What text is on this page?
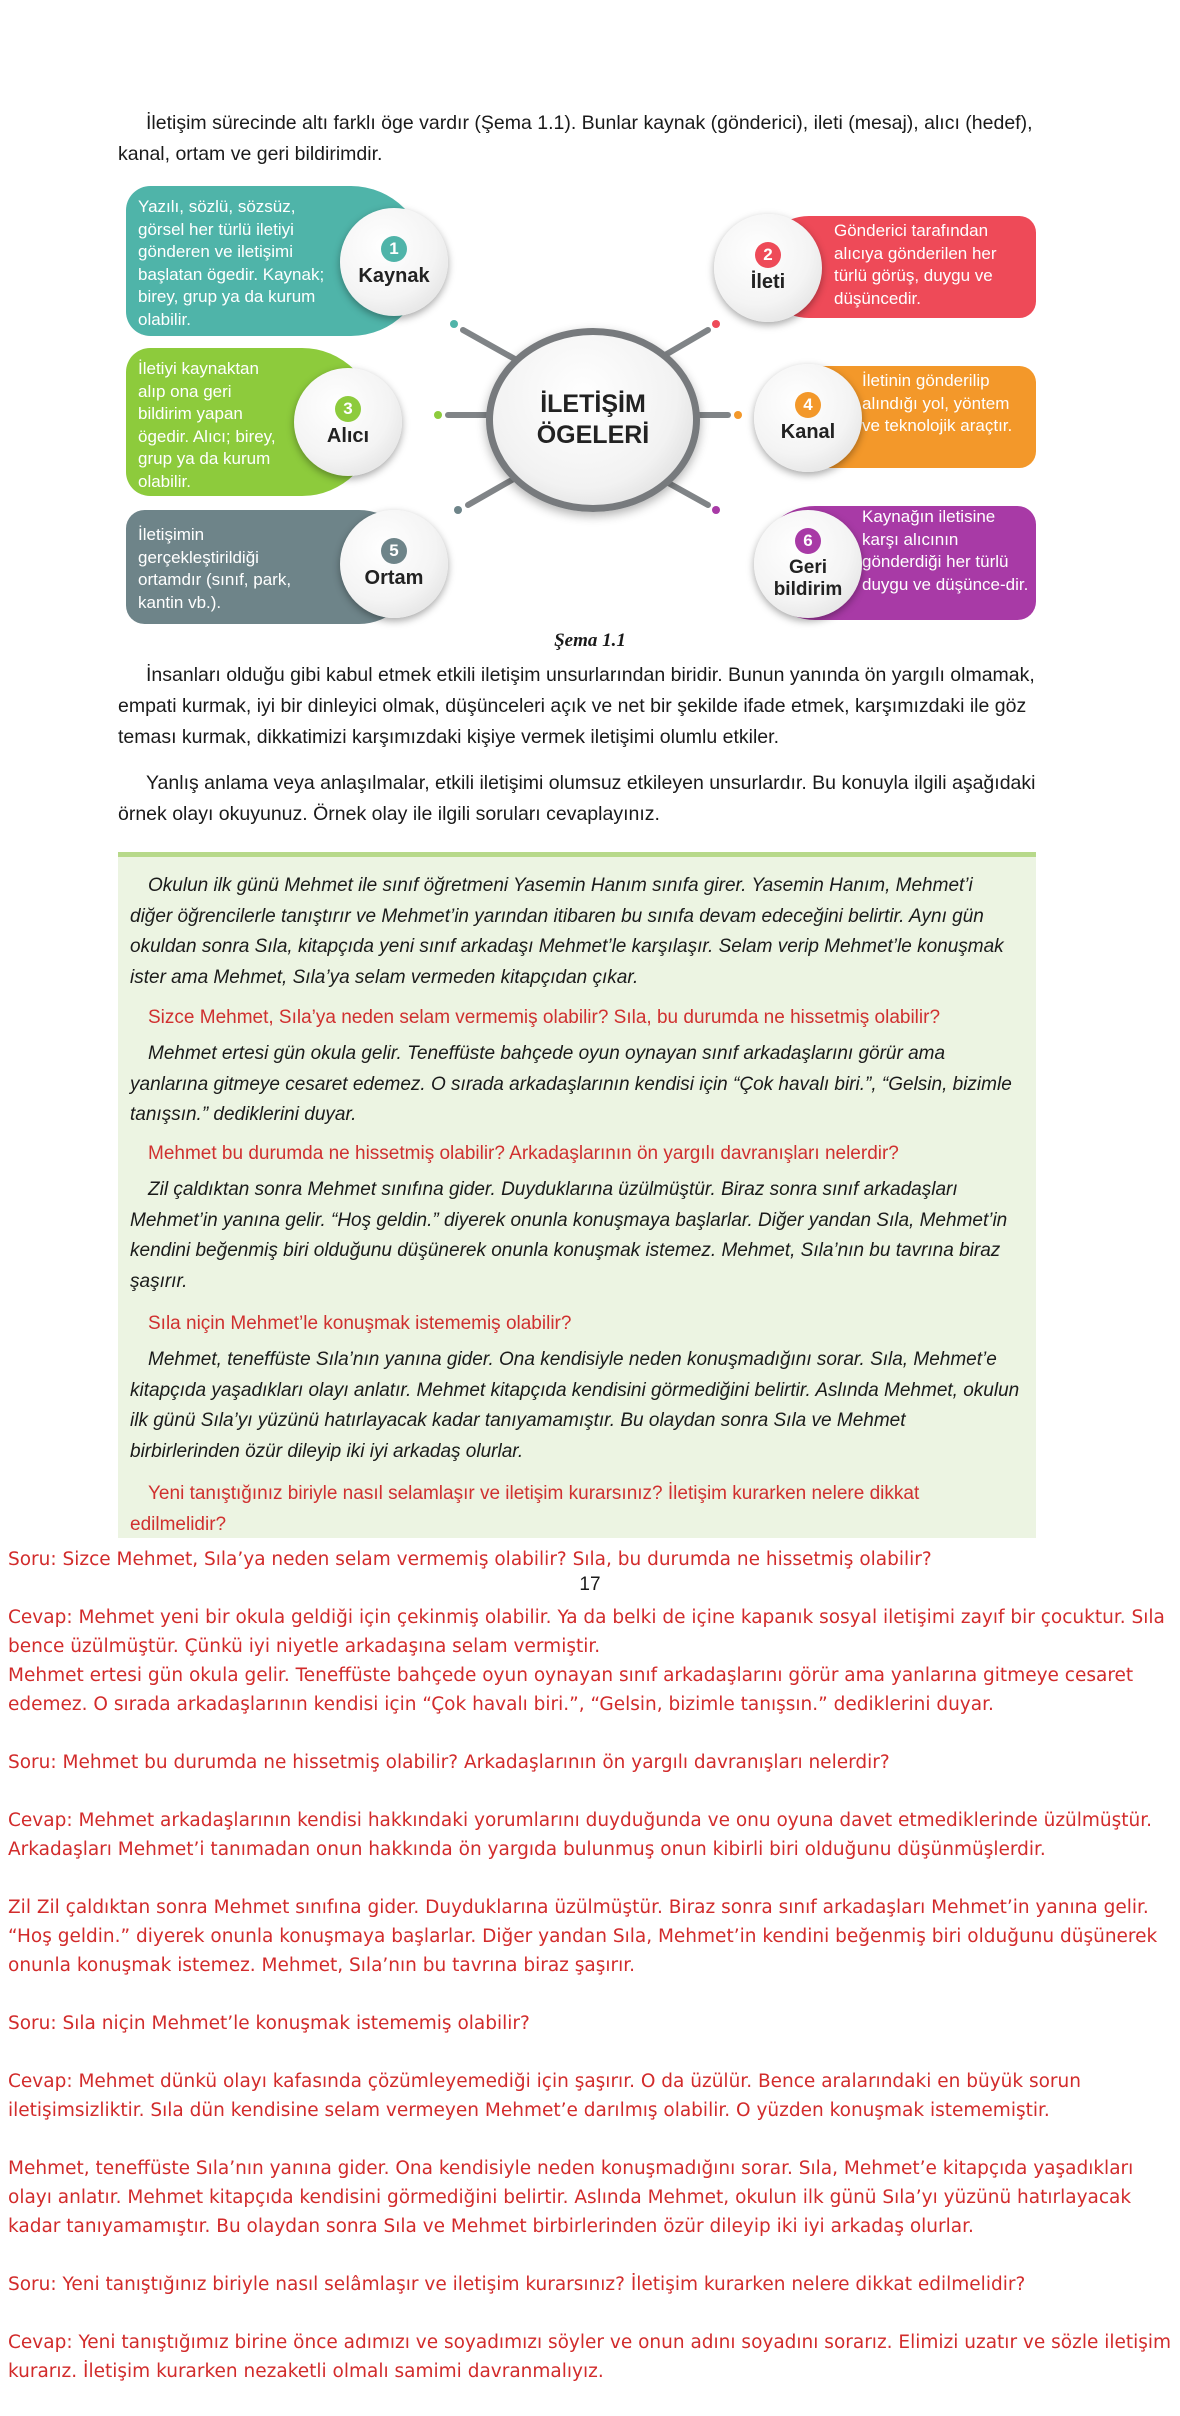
İletişim sürecinde altı farklı öge vardır (Şema 1.1). Bunlar kaynak (gönderici), ileti (mesaj), alıcı (hedef), kanal, ortam ve geri bildirimdir.

Yazılı, sözlü, sözsüz, görsel her türlü iletiyi gönderen ve iletişimi başlatan ögedir. Kaynak; birey, grup ya da kurum olabilir.
1
Kaynak
İletiyi kaynaktan alıp ona geri bildirim yapan ögedir. Alıcı; birey, grup ya da kurum olabilir.
3
Alıcı
İletişimin gerçekleştirildiği ortamdır (sınıf, park, kantin vb.).
5
Ortam
Gönderici tarafından alıcıya gönderilen her türlü görüş, duygu ve düşüncedir.
2
İleti
İletinin gönderilip alındığı yol, yöntem ve teknolojik araçtır.
4
Kanal
Kaynağın iletisine karşı alıcının gönderdiği her türlü duygu ve düşünce-dir.
6
Geri
bildirim
İLETİŞİM
ÖGELERİ
Şema 1.1

İnsanları olduğu gibi kabul etmek etkili iletişim unsurlarından biridir. Bunun yanında ön yargılı olmamak, empati kurmak, iyi bir dinleyici olmak, düşünceleri açık ve net bir şekilde ifade etmek, karşımızdaki ile göz teması kurmak, dikkatimizi karşımızdaki kişiye vermek iletişimi olumlu etkiler.

Yanlış anlama veya anlaşılmalar, etkili iletişimi olumsuz etkileyen unsurlardır. Bu konuyla ilgili aşağıdaki örnek olayı okuyunuz. Örnek olay ile ilgili soruları cevaplayınız.

Okulun ilk günü Mehmet ile sınıf öğretmeni Yasemin Hanım sınıfa girer. Yasemin Hanım, Mehmet’i diğer öğrencilerle tanıştırır ve Mehmet’in yarından itibaren bu sınıfa devam edeceğini belirtir. Aynı gün okuldan sonra Sıla, kitapçıda yeni sınıf arkadaşı Mehmet’le karşılaşır. Selam verip Mehmet’le konuşmak ister ama Mehmet, Sıla’ya selam vermeden kitapçıdan çıkar.

Sizce Mehmet, Sıla’ya neden selam vermemiş olabilir? Sıla, bu durumda ne hissetmiş olabilir?

Mehmet ertesi gün okula gelir. Teneffüste bahçede oyun oynayan sınıf arkadaşlarını görür ama yanlarına gitmeye cesaret edemez. O sırada arkadaşlarının kendisi için “Çok havalı biri.”, “Gelsin, bizimle tanışsın.” dediklerini duyar.

Mehmet bu durumda ne hissetmiş olabilir? Arkadaşlarının ön yargılı davranışları nelerdir?

Zil çaldıktan sonra Mehmet sınıfına gider. Duyduklarına üzülmüştür. Biraz sonra sınıf arkadaşları Mehmet’in yanına gelir. “Hoş geldin.” diyerek onunla konuşmaya başlarlar. Diğer yandan Sıla, Mehmet’in kendini beğenmiş biri olduğunu düşünerek onunla konuşmak istemez. Mehmet, Sıla’nın bu tavrına biraz şaşırır.

Sıla niçin Mehmet’le konuşmak istememiş olabilir?

Mehmet, teneffüste Sıla’nın yanına gider. Ona kendisiyle neden konuşmadığını sorar. Sıla, Mehmet’e kitapçıda yaşadıkları olayı anlatır. Mehmet kitapçıda kendisini görmediğini belirtir. Aslında Mehmet, okulun ilk günü Sıla’yı yüzünü hatırlayacak kadar tanıyamamıştır. Bu olaydan sonra Sıla ve Mehmet birbirlerinden özür dileyip iki iyi arkadaş olurlar.

Yeni tanıştığınız biriyle nasıl selamlaşır ve iletişim kurarsınız? İletişim kurarken nelere dikkat edilmelidir?

Soru: Sizce Mehmet, Sıla’ya neden selam vermemiş olabilir? Sıla, bu durumda ne hissetmiş olabilir?

17

Cevap: Mehmet yeni bir okula geldiği için çekinmiş olabilir. Ya da belki de içine kapanık sosyal iletişimi zayıf bir çocuktur. Sıla bence üzülmüştür. Çünkü iyi niyetle arkadaşına selam vermiştir.

Mehmet ertesi gün okula gelir. Teneffüste bahçede oyun oynayan sınıf arkadaşlarını görür ama yanlarına gitmeye cesaret edemez. O sırada arkadaşlarının kendisi için “Çok havalı biri.”, “Gelsin, bizimle tanışsın.” dediklerini duyar.

Soru: Mehmet bu durumda ne hissetmiş olabilir? Arkadaşlarının ön yargılı davranışları nelerdir?

Cevap: Mehmet arkadaşlarının kendisi hakkındaki yorumlarını duyduğunda ve onu oyuna davet etmediklerinde üzülmüştür. Arkadaşları Mehmet’i tanımadan onun hakkında ön yargıda bulunmuş onun kibirli biri olduğunu düşünmüşlerdir.

Zil Zil çaldıktan sonra Mehmet sınıfına gider. Duyduklarına üzülmüştür. Biraz sonra sınıf arkadaşları Mehmet’in yanına gelir. “Hoş geldin.” diyerek onunla konuşmaya başlarlar. Diğer yandan Sıla, Mehmet’in kendini beğenmiş biri olduğunu düşünerek onunla konuşmak istemez. Mehmet, Sıla’nın bu tavrına biraz şaşırır.

Soru: Sıla niçin Mehmet’le konuşmak istememiş olabilir?

Cevap: Mehmet dünkü olayı kafasında çözümleyemediği için şaşırır. O da üzülür. Bence aralarındaki en büyük sorun iletişimsizliktir. Sıla dün kendisine selam vermeyen Mehmet’e darılmış olabilir. O yüzden konuşmak istememiştir.

Mehmet, teneffüste Sıla’nın yanına gider. Ona kendisiyle neden konuşmadığını sorar. Sıla, Mehmet’e kitapçıda yaşadıkları olayı anlatır. Mehmet kitapçıda kendisini görmediğini belirtir. Aslında Mehmet, okulun ilk günü Sıla’yı yüzünü hatırlayacak kadar tanıyamamıştır. Bu olaydan sonra Sıla ve Mehmet birbirlerinden özür dileyip iki iyi arkadaş olurlar.

Soru: Yeni tanıştığınız biriyle nasıl selâmlaşır ve iletişim kurarsınız? İletişim kurarken nelere dikkat edilmelidir?

Cevap: Yeni tanıştığımız birine önce adımızı ve soyadımızı söyler ve onun adını soyadını sorarız. Elimizi uzatır ve sözle iletişim kurarız. İletişim kurarken nezaketli olmalı samimi davranmalıyız.
